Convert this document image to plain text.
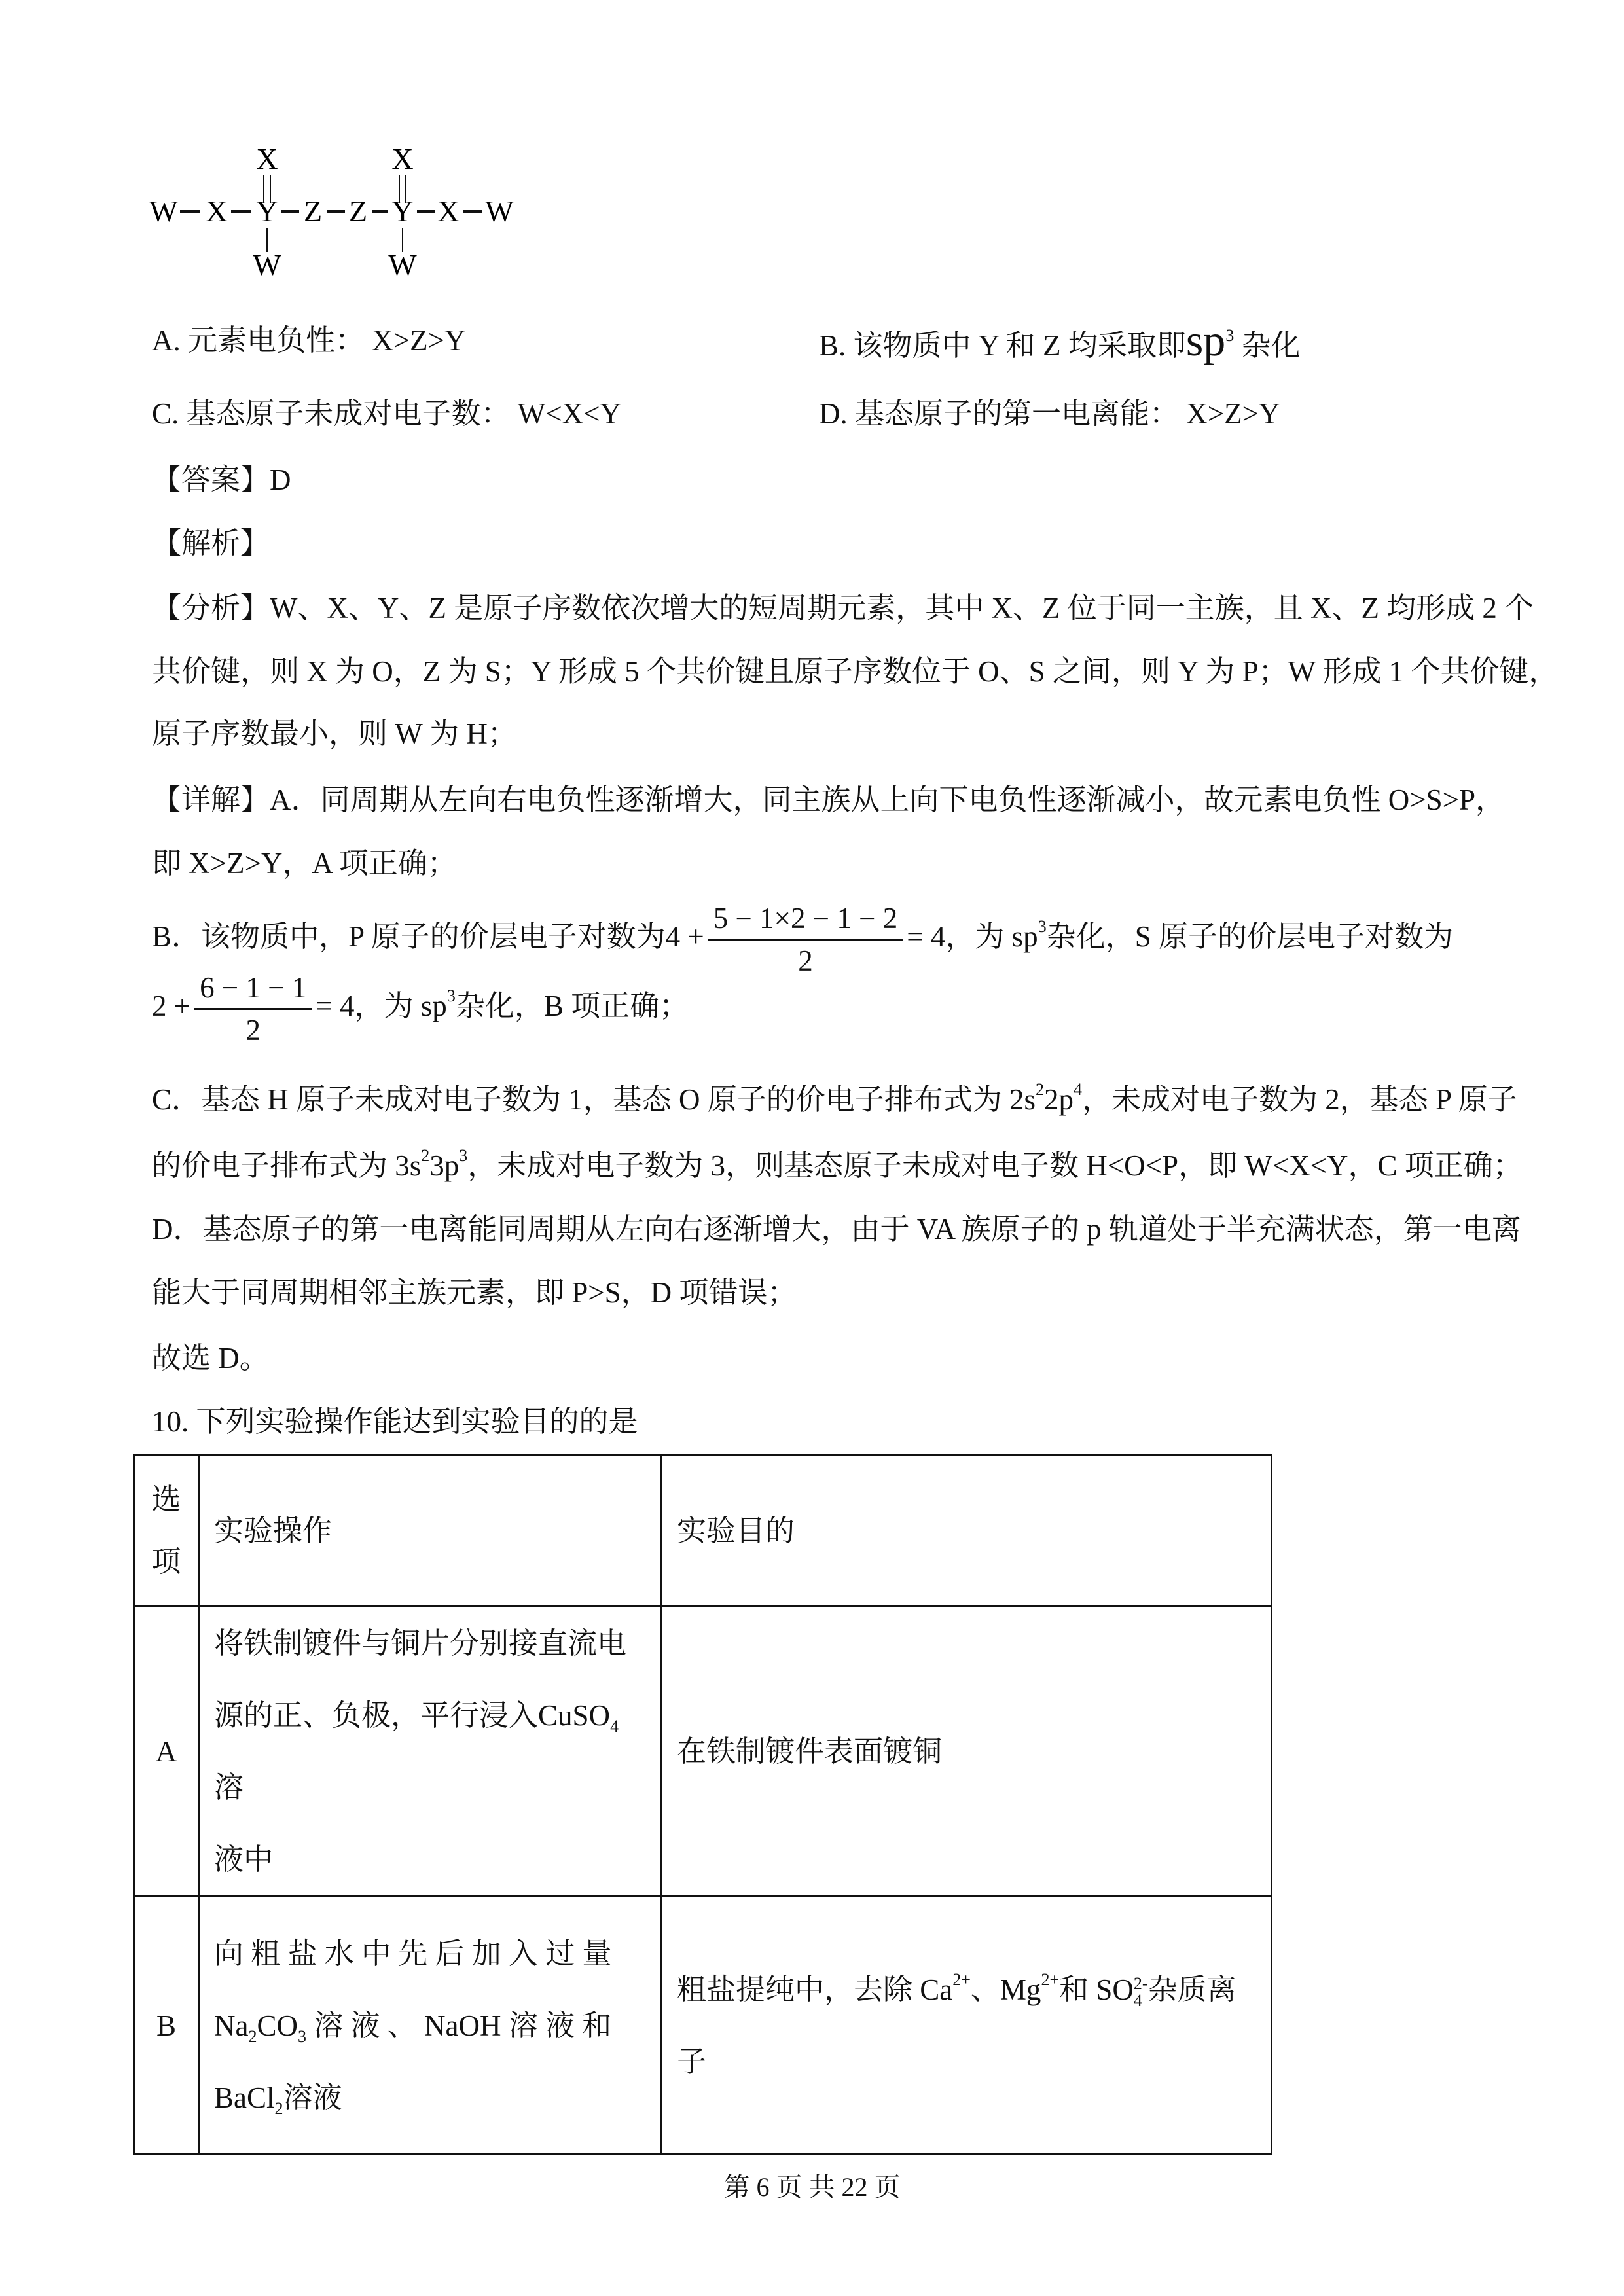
X	X
W X Y Z Z Y X W
W	W
A. 元素电负性： X>Z>Y	B. 该物质中 Y 和 Z 均采取即$sp^3$ 杂化
C. 基态原子未成对电子数： W<X<Y	D. 基态原子的第一电离能： X>Z>Y
【答案】D
【解析】
【分析】W、X、Y、Z 是原子序数依次增大的短周期元素，其中 X、Z 位于同一主族，且 X、Z 均形成 2 个
共价键，则 X 为 O，Z 为 S；Y 形成 5 个共价键且原子序数位于 O、S 之间，则 Y 为 P；W 形成 1 个共价键，
原子序数最小，则 W 为 H；
【详解】A．同周期从左向右电负性逐渐增大，同主族从上向下电负性逐渐减小，故元素电负性 O>S>P，
即 X>Z>Y，A 项正确；
B．该物质中，P 原子的价层电子对数为$4 + \frac{5 - 1\times 2 - 1 - 2}{2} = 4$，为 $sp^3$杂化，S 原子的价层电子对数为
$2 + \frac{6 - 1 - 1}{2} = 4$，为 $sp^3$杂化，B 项正确；
C．基态 H 原子未成对电子数为 1，基态 O 原子的价电子排布式为 $2s^22p^4$，未成对电子数为 2，基态 P 原子
的价电子排布式为 $3s^23p^3$，未成对电子数为 3，则基态原子未成对电子数 H<O<P，即 W<X<Y，C 项正确；
D．基态原子的第一电离能同周期从左向右逐渐增大，由于 VA 族原子的 p 轨道处于半充满状态，第一电离
能大于同周期相邻主族元素，即 P>S，D 项错误；
故选 D。
10. 下列实验操作能达到实验目的的是
选
项	实验操作	实验目的
A	将铁制镀件与铜片分别接直流电
源的正、负极，平行浸入CuSO$_4$溶
液中	在铁制镀件表面镀铜
B	向 粗 盐 水 中 先 后 加 入 过 量
$Na_2CO_3$ 溶 液 、 NaOH 溶 液 和
BaCl$_2$溶液	粗盐提纯中，去除 $Ca^{2+}$、$Mg^{2+}$和 SO2-
4 杂质离
子
第 6 页 共 22 页
